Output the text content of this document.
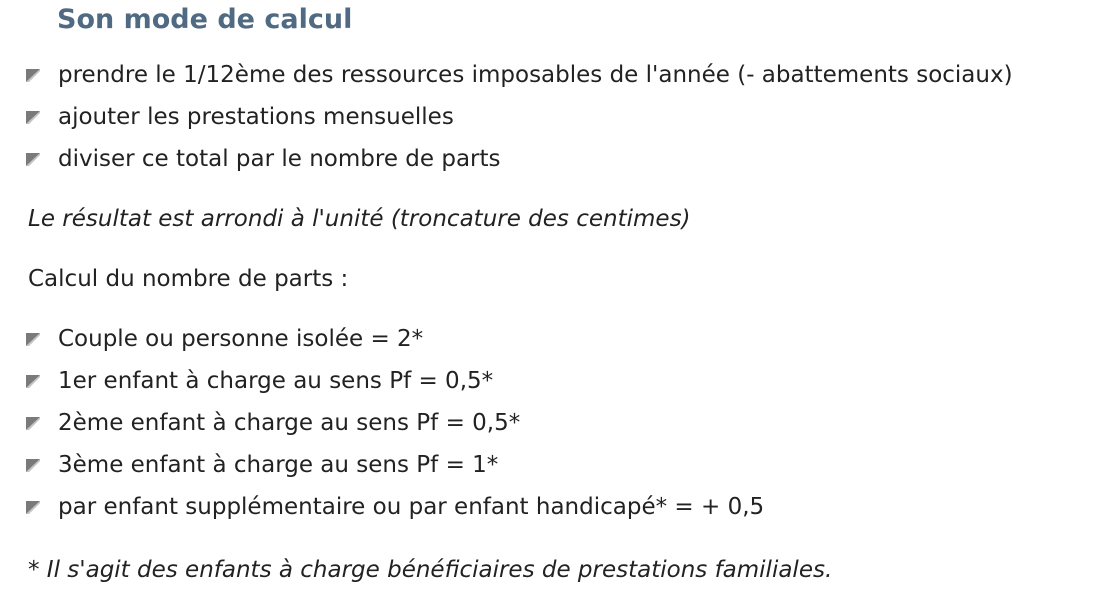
Son mode de calcul
prendre le 1/12ème des ressources imposables de l'année (- abattements sociaux)
ajouter les prestations mensuelles
diviser ce total par le nombre de parts
Le résultat est arrondi à l'unité (troncature des centimes)
Calcul du nombre de parts :
Couple ou personne isolée = 2*
1er enfant à charge au sens Pf = 0,5*
2ème enfant à charge au sens Pf = 0,5*
3ème enfant à charge au sens Pf = 1*
par enfant supplémentaire ou par enfant handicapé* = + 0,5
* Il s'agit des enfants à charge bénéficiaires de prestations familiales.
